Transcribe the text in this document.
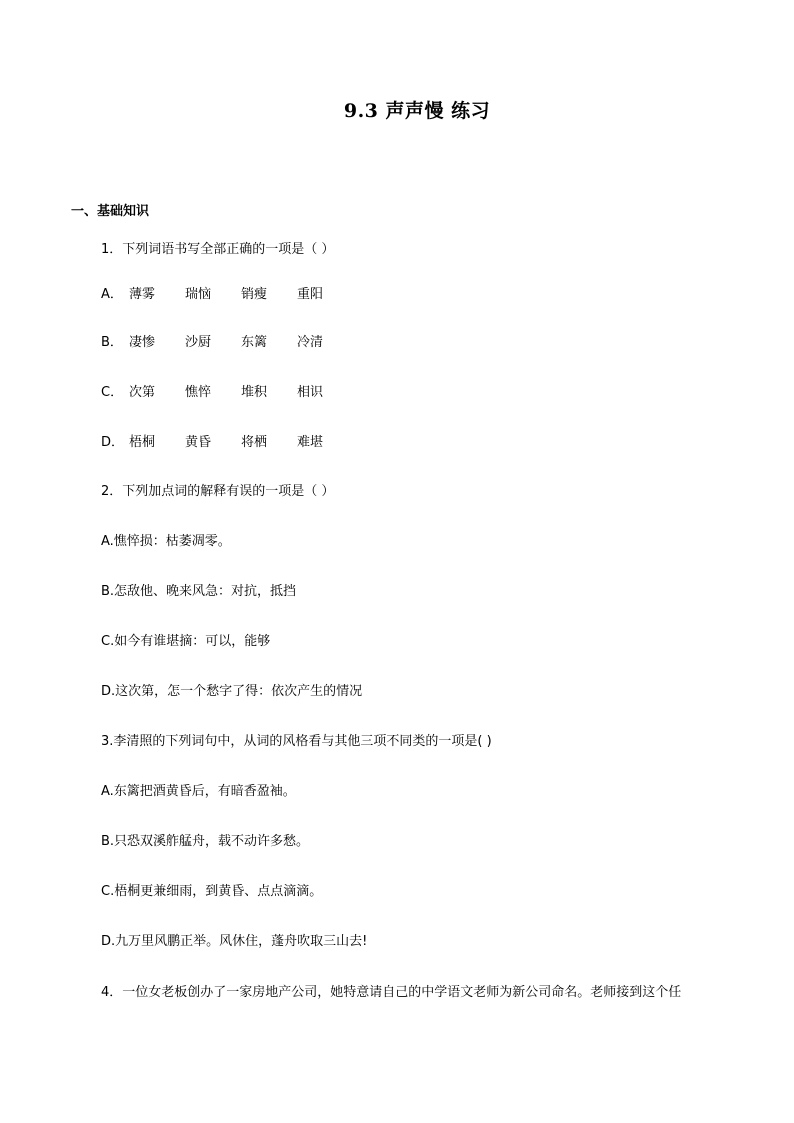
9.3 声声慢 练习
一、基础知识
1．下列词语书写全部正确的一项是（ ）
A． 薄雾	瑞恼	销瘦	重阳
B． 凄惨	沙厨	东篱	冷清
C． 次第	憔悴	堆积	相识
D． 梧桐	黄昏	将栖	难堪
2．下列加点词的解释有误的一项是（ ）
A.憔悴损：枯萎凋零。
B.怎敌他、晚来风急：对抗，抵挡
C.如今有谁堪摘：可以，能够
D.这次第，怎一个愁字了得：依次产生的情况
3.李清照的下列词句中，从词的风格看与其他三项不同类的一项是( )
A.东篱把酒黄昏后，有暗香盈袖。
B.只恐双溪舴艋舟，载不动许多愁。
C.梧桐更兼细雨，到黄昏、点点滴滴。
D.九万里风鹏正举。风休住，蓬舟吹取三山去!
4．一位女老板创办了一家房地产公司，她特意请自己的中学语文老师为新公司命名。老师接到这个任
